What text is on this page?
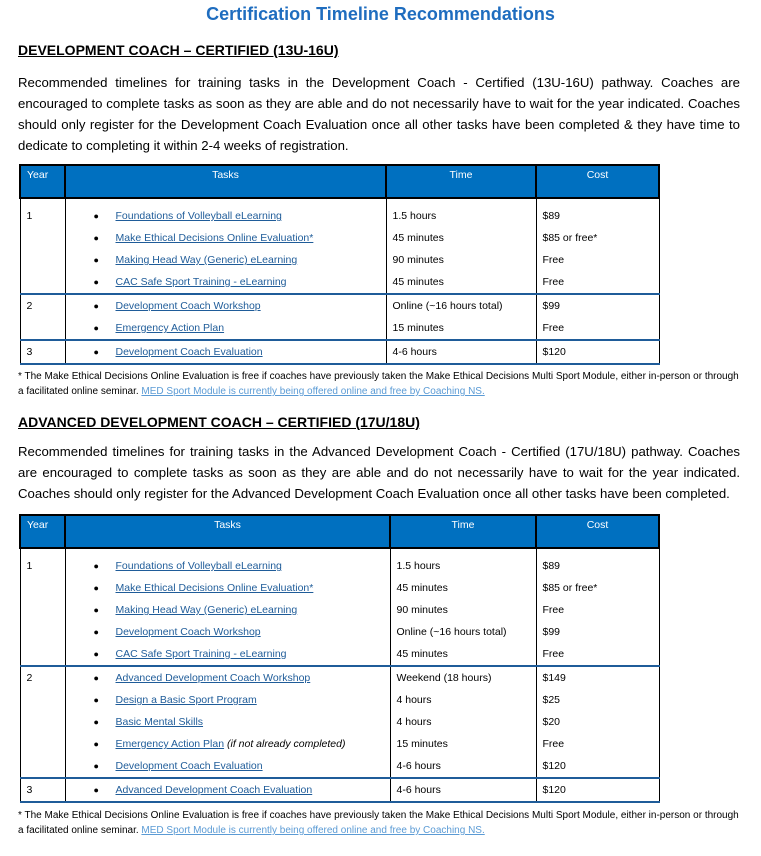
Certification Timeline Recommendations
DEVELOPMENT COACH – CERTIFIED (13U-16U)
Recommended timelines for training tasks in the Development Coach - Certified (13U-16U) pathway. Coaches are encouraged to complete tasks as soon as they are able and do not necessarily have to wait for the year indicated. Coaches should only register for the Development Coach Evaluation once all other tasks have been completed & they have time to dedicate to completing it within 2-4 weeks of registration.
Year	Tasks	Time	Cost

1	● Foundations of Volleyball eLearning	1.5 hours	$89
	● Make Ethical Decisions Online Evaluation*	45 minutes	$85 or free*
	● Making Head Way (Generic) eLearning	90 minutes	Free
	● CAC Safe Sport Training - eLearning	45 minutes	Free
2	● Development Coach Workshop	Online (~16 hours total)	$99
	● Emergency Action Plan	15 minutes	Free
3	● Development Coach Evaluation	4-6 hours	$120
* The Make Ethical Decisions Online Evaluation is free if coaches have previously taken the Make Ethical Decisions Multi Sport Module, either in-person or through a facilitated online seminar. MED Sport Module is currently being offered online and free by Coaching NS.
ADVANCED DEVELOPMENT COACH – CERTIFIED (17U/18U)
Recommended timelines for training tasks in the Advanced Development Coach - Certified (17U/18U) pathway. Coaches are encouraged to complete tasks as soon as they are able and do not necessarily have to wait for the year indicated. Coaches should only register for the Advanced Development Coach Evaluation once all other tasks have been completed.
Year	Tasks	Time	Cost

1	● Foundations of Volleyball eLearning	1.5 hours	$89
	● Make Ethical Decisions Online Evaluation*	45 minutes	$85 or free*
	● Making Head Way (Generic) eLearning	90 minutes	Free
	● Development Coach Workshop	Online (~16 hours total)	$99
	● CAC Safe Sport Training - eLearning	45 minutes	Free
2	● Advanced Development Coach Workshop	Weekend (18 hours)	$149
	● Design a Basic Sport Program	4 hours	$25
	● Basic Mental Skills	4 hours	$20
	● Emergency Action Plan (if not already completed)	15 minutes	Free
	● Development Coach Evaluation	4-6 hours	$120
3	● Advanced Development Coach Evaluation	4-6 hours	$120
* The Make Ethical Decisions Online Evaluation is free if coaches have previously taken the Make Ethical Decisions Multi Sport Module, either in-person or through a facilitated online seminar. MED Sport Module is currently being offered online and free by Coaching NS.
